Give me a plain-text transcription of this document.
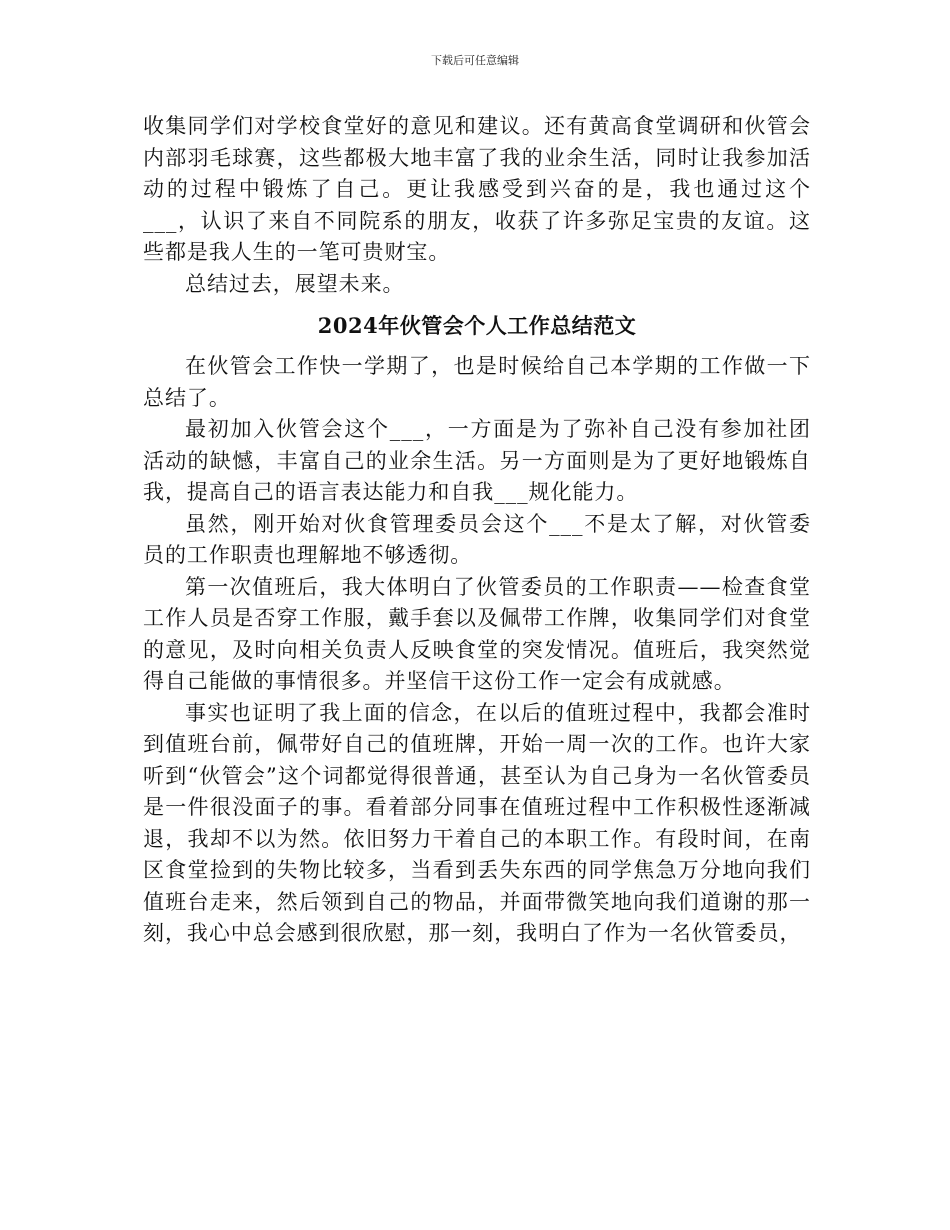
下载后可任意编辑

收集同学们对学校食堂好的意见和建议。还有黄高食堂调研和伙管会内部羽毛球赛，这些都极大地丰富了我的业余生活，同时让我参加活动的过程中锻炼了自己。更让我感受到兴奋的是，我也通过这个___，认识了来自不同院系的朋友，收获了许多弥足宝贵的友谊。这些都是我人生的一笔可贵财宝。

总结过去，展望未来。

2024年伙管会个人工作总结范文

在伙管会工作快一学期了，也是时候给自己本学期的工作做一下总结了。

最初加入伙管会这个___，一方面是为了弥补自己没有参加社团活动的缺憾，丰富自己的业余生活。另一方面则是为了更好地锻炼自我，提高自己的语言表达能力和自我___规化能力。

虽然，刚开始对伙食管理委员会这个___不是太了解，对伙管委员的工作职责也理解地不够透彻。

第一次值班后，我大体明白了伙管委员的工作职责——检查食堂工作人员是否穿工作服，戴手套以及佩带工作牌，收集同学们对食堂的意见，及时向相关负责人反映食堂的突发情况。值班后，我突然觉得自己能做的事情很多。并坚信干这份工作一定会有成就感。

事实也证明了我上面的信念，在以后的值班过程中，我都会准时到值班台前，佩带好自己的值班牌，开始一周一次的工作。也许大家听到“伙管会”这个词都觉得很普通，甚至认为自己身为一名伙管委员是一件很没面子的事。看着部分同事在值班过程中工作积极性逐渐减退，我却不以为然。依旧努力干着自己的本职工作。有段时间，在南区食堂捡到的失物比较多，当看到丢失东西的同学焦急万分地向我们值班台走来，然后领到自己的物品，并面带微笑地向我们道谢的那一刻，我心中总会感到很欣慰，那一刻，我明白了作为一名伙管委员，
